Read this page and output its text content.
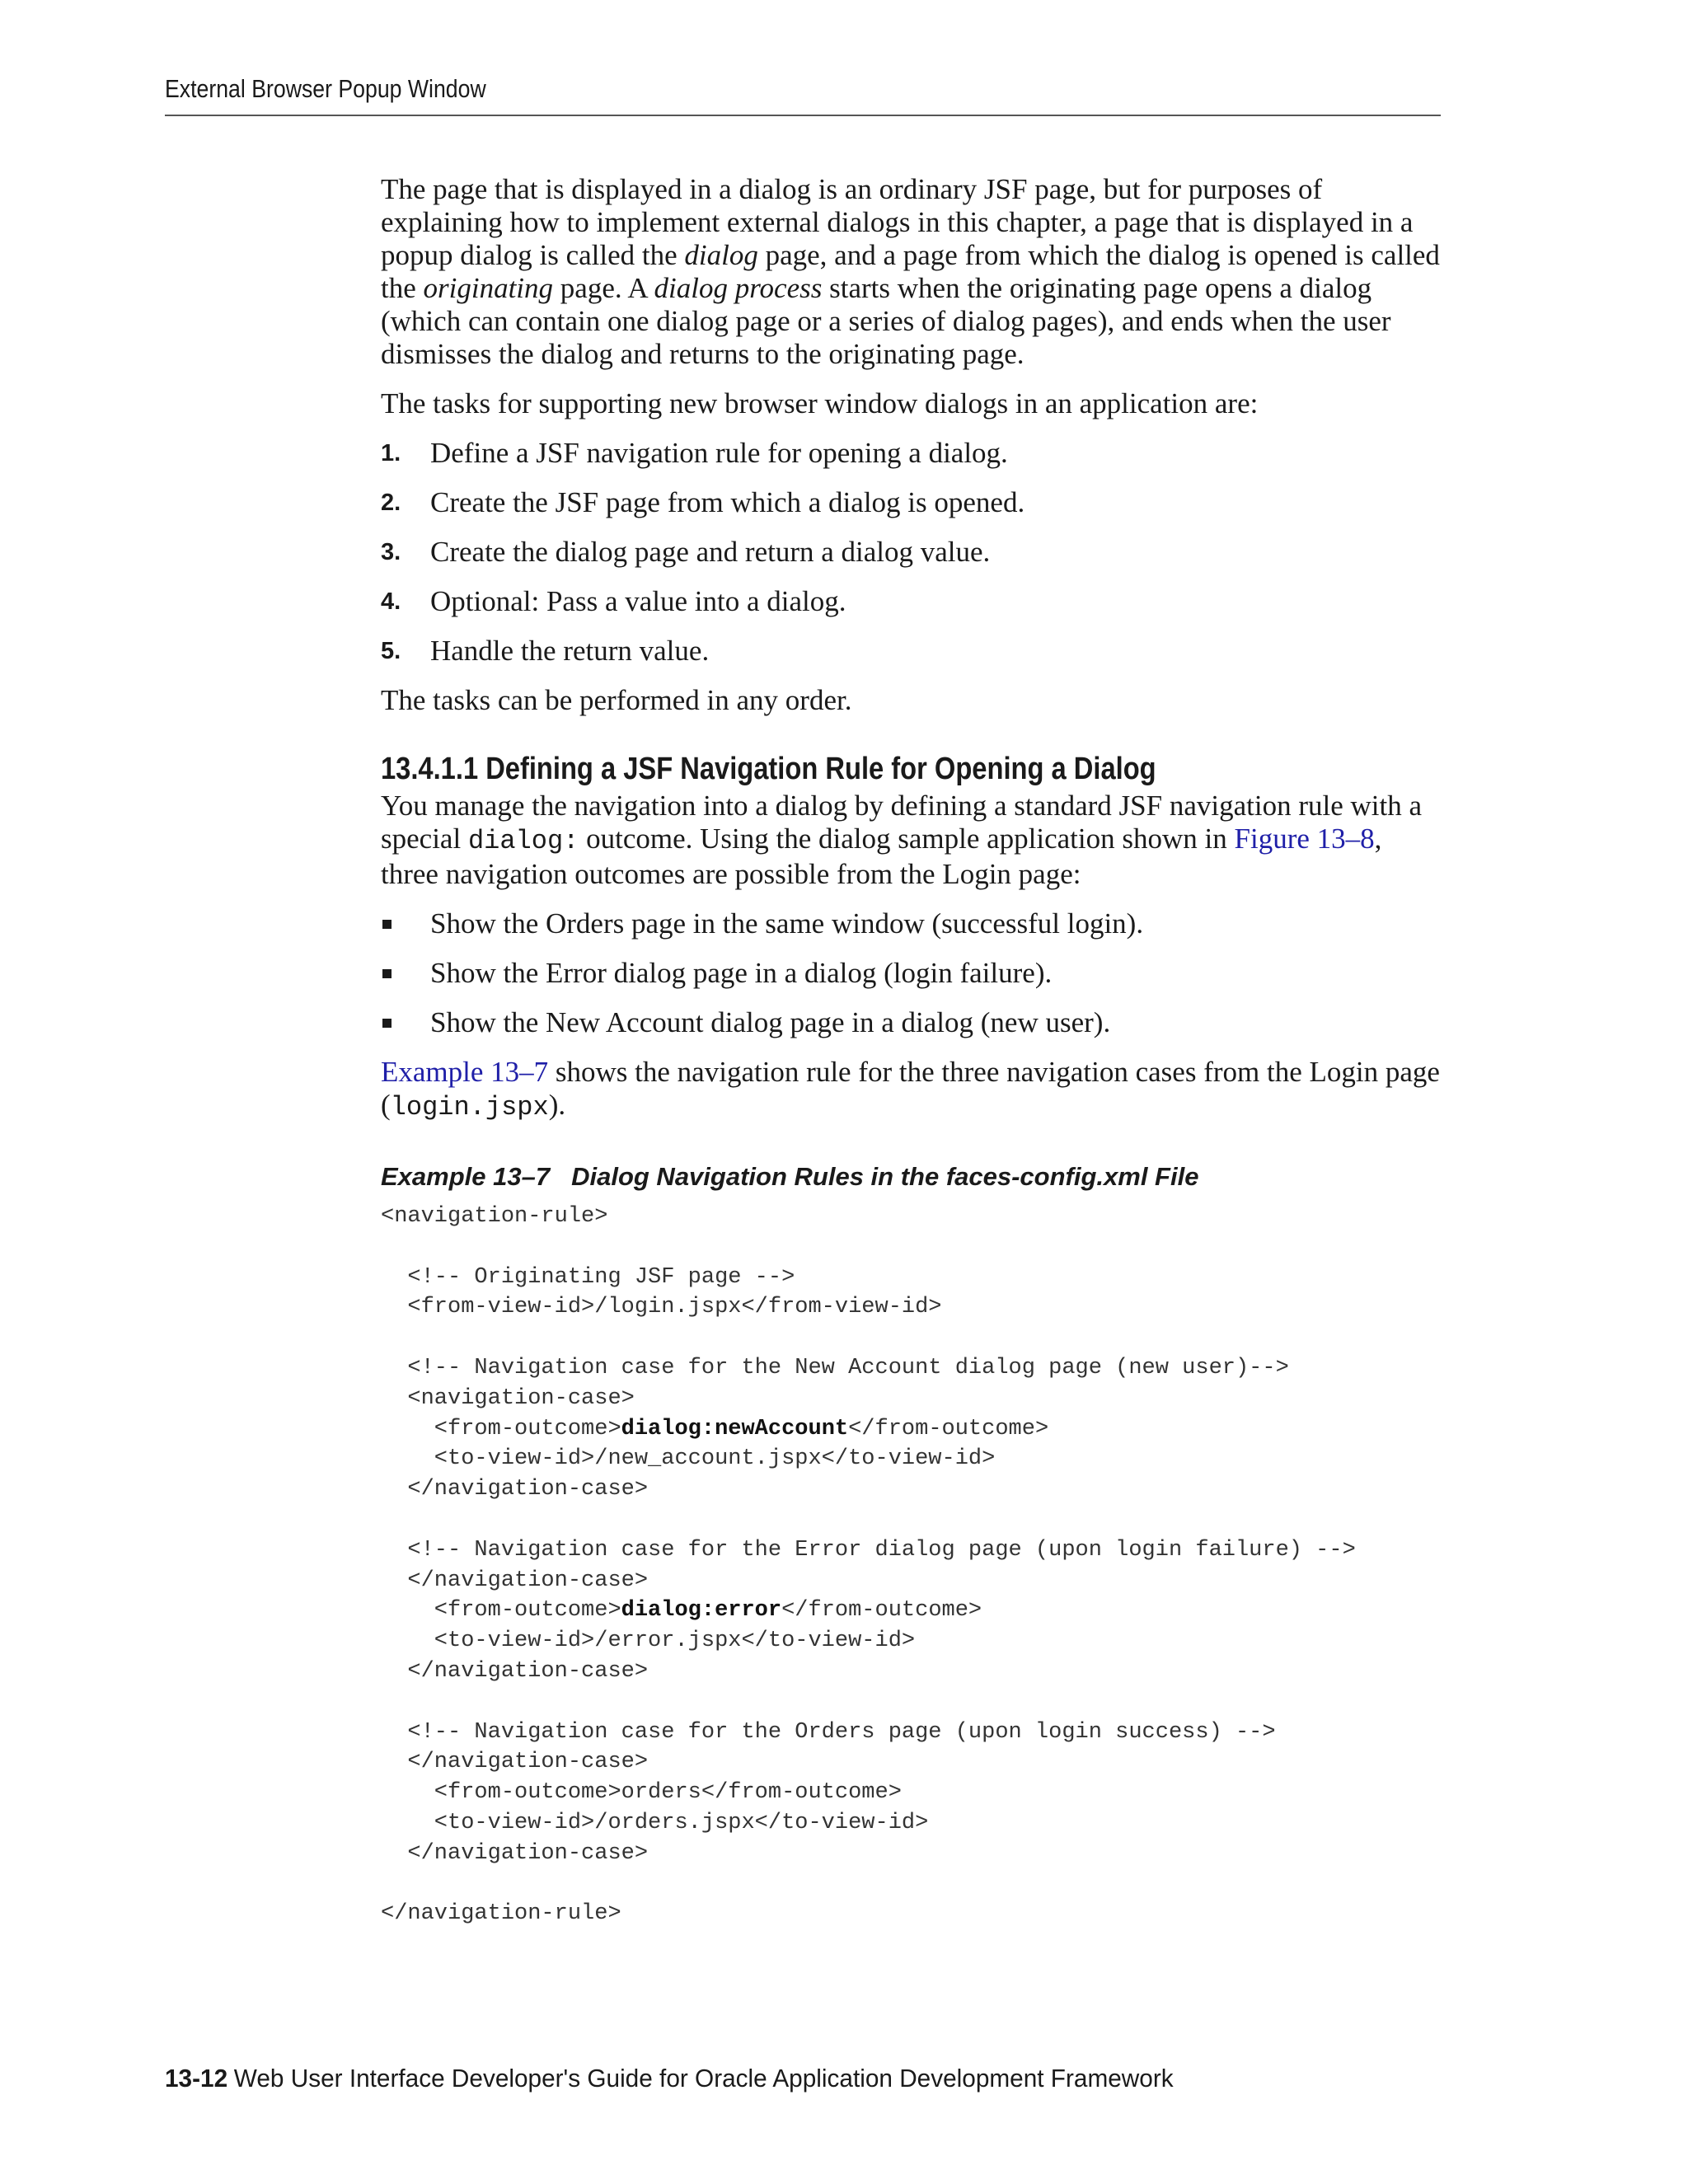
External Browser Popup Window

The page that is displayed in a dialog is an ordinary JSF page, but for purposes of explaining how to implement external dialogs in this chapter, a page that is displayed in a popup dialog is called the dialog page, and a page from which the dialog is opened is called the originating page. A dialog process starts when the originating page opens a dialog (which can contain one dialog page or a series of dialog pages), and ends when the user dismisses the dialog and returns to the originating page.

The tasks for supporting new browser window dialogs in an application are:

1. Define a JSF navigation rule for opening a dialog.
2. Create the JSF page from which a dialog is opened.
3. Create the dialog page and return a dialog value.
4. Optional: Pass a value into a dialog.
5. Handle the return value.

The tasks can be performed in any order.

13.4.1.1 Defining a JSF Navigation Rule for Opening a Dialog

You manage the navigation into a dialog by defining a standard JSF navigation rule with a special dialog: outcome. Using the dialog sample application shown in Figure 13–8, three navigation outcomes are possible from the Login page:

Show the Orders page in the same window (successful login).
Show the Error dialog page in a dialog (login failure).
Show the New Account dialog page in a dialog (new user).

Example 13–7 shows the navigation rule for the three navigation cases from the Login page (login.jspx).

Example 13–7 Dialog Navigation Rules in the faces-config.xml File
<navigation-rule>

<!-- Originating JSF page -->
<from-view-id>/login.jspx</from-view-id>

<!-- Navigation case for the New Account dialog page (new user)-->
<navigation-case>
<from-outcome>dialog:newAccount</from-outcome>
<to-view-id>/new_account.jspx</to-view-id>
</navigation-case>

<!-- Navigation case for the Error dialog page (upon login failure) -->
</navigation-case>
<from-outcome>dialog:error</from-outcome>
<to-view-id>/error.jspx</to-view-id>
</navigation-case>

<!-- Navigation case for the Orders page (upon login success) -->
</navigation-case>
<from-outcome>orders</from-outcome>
<to-view-id>/orders.jspx</to-view-id>
</navigation-case>

</navigation-rule>
13-12 Web User Interface Developer's Guide for Oracle Application Development Framework
